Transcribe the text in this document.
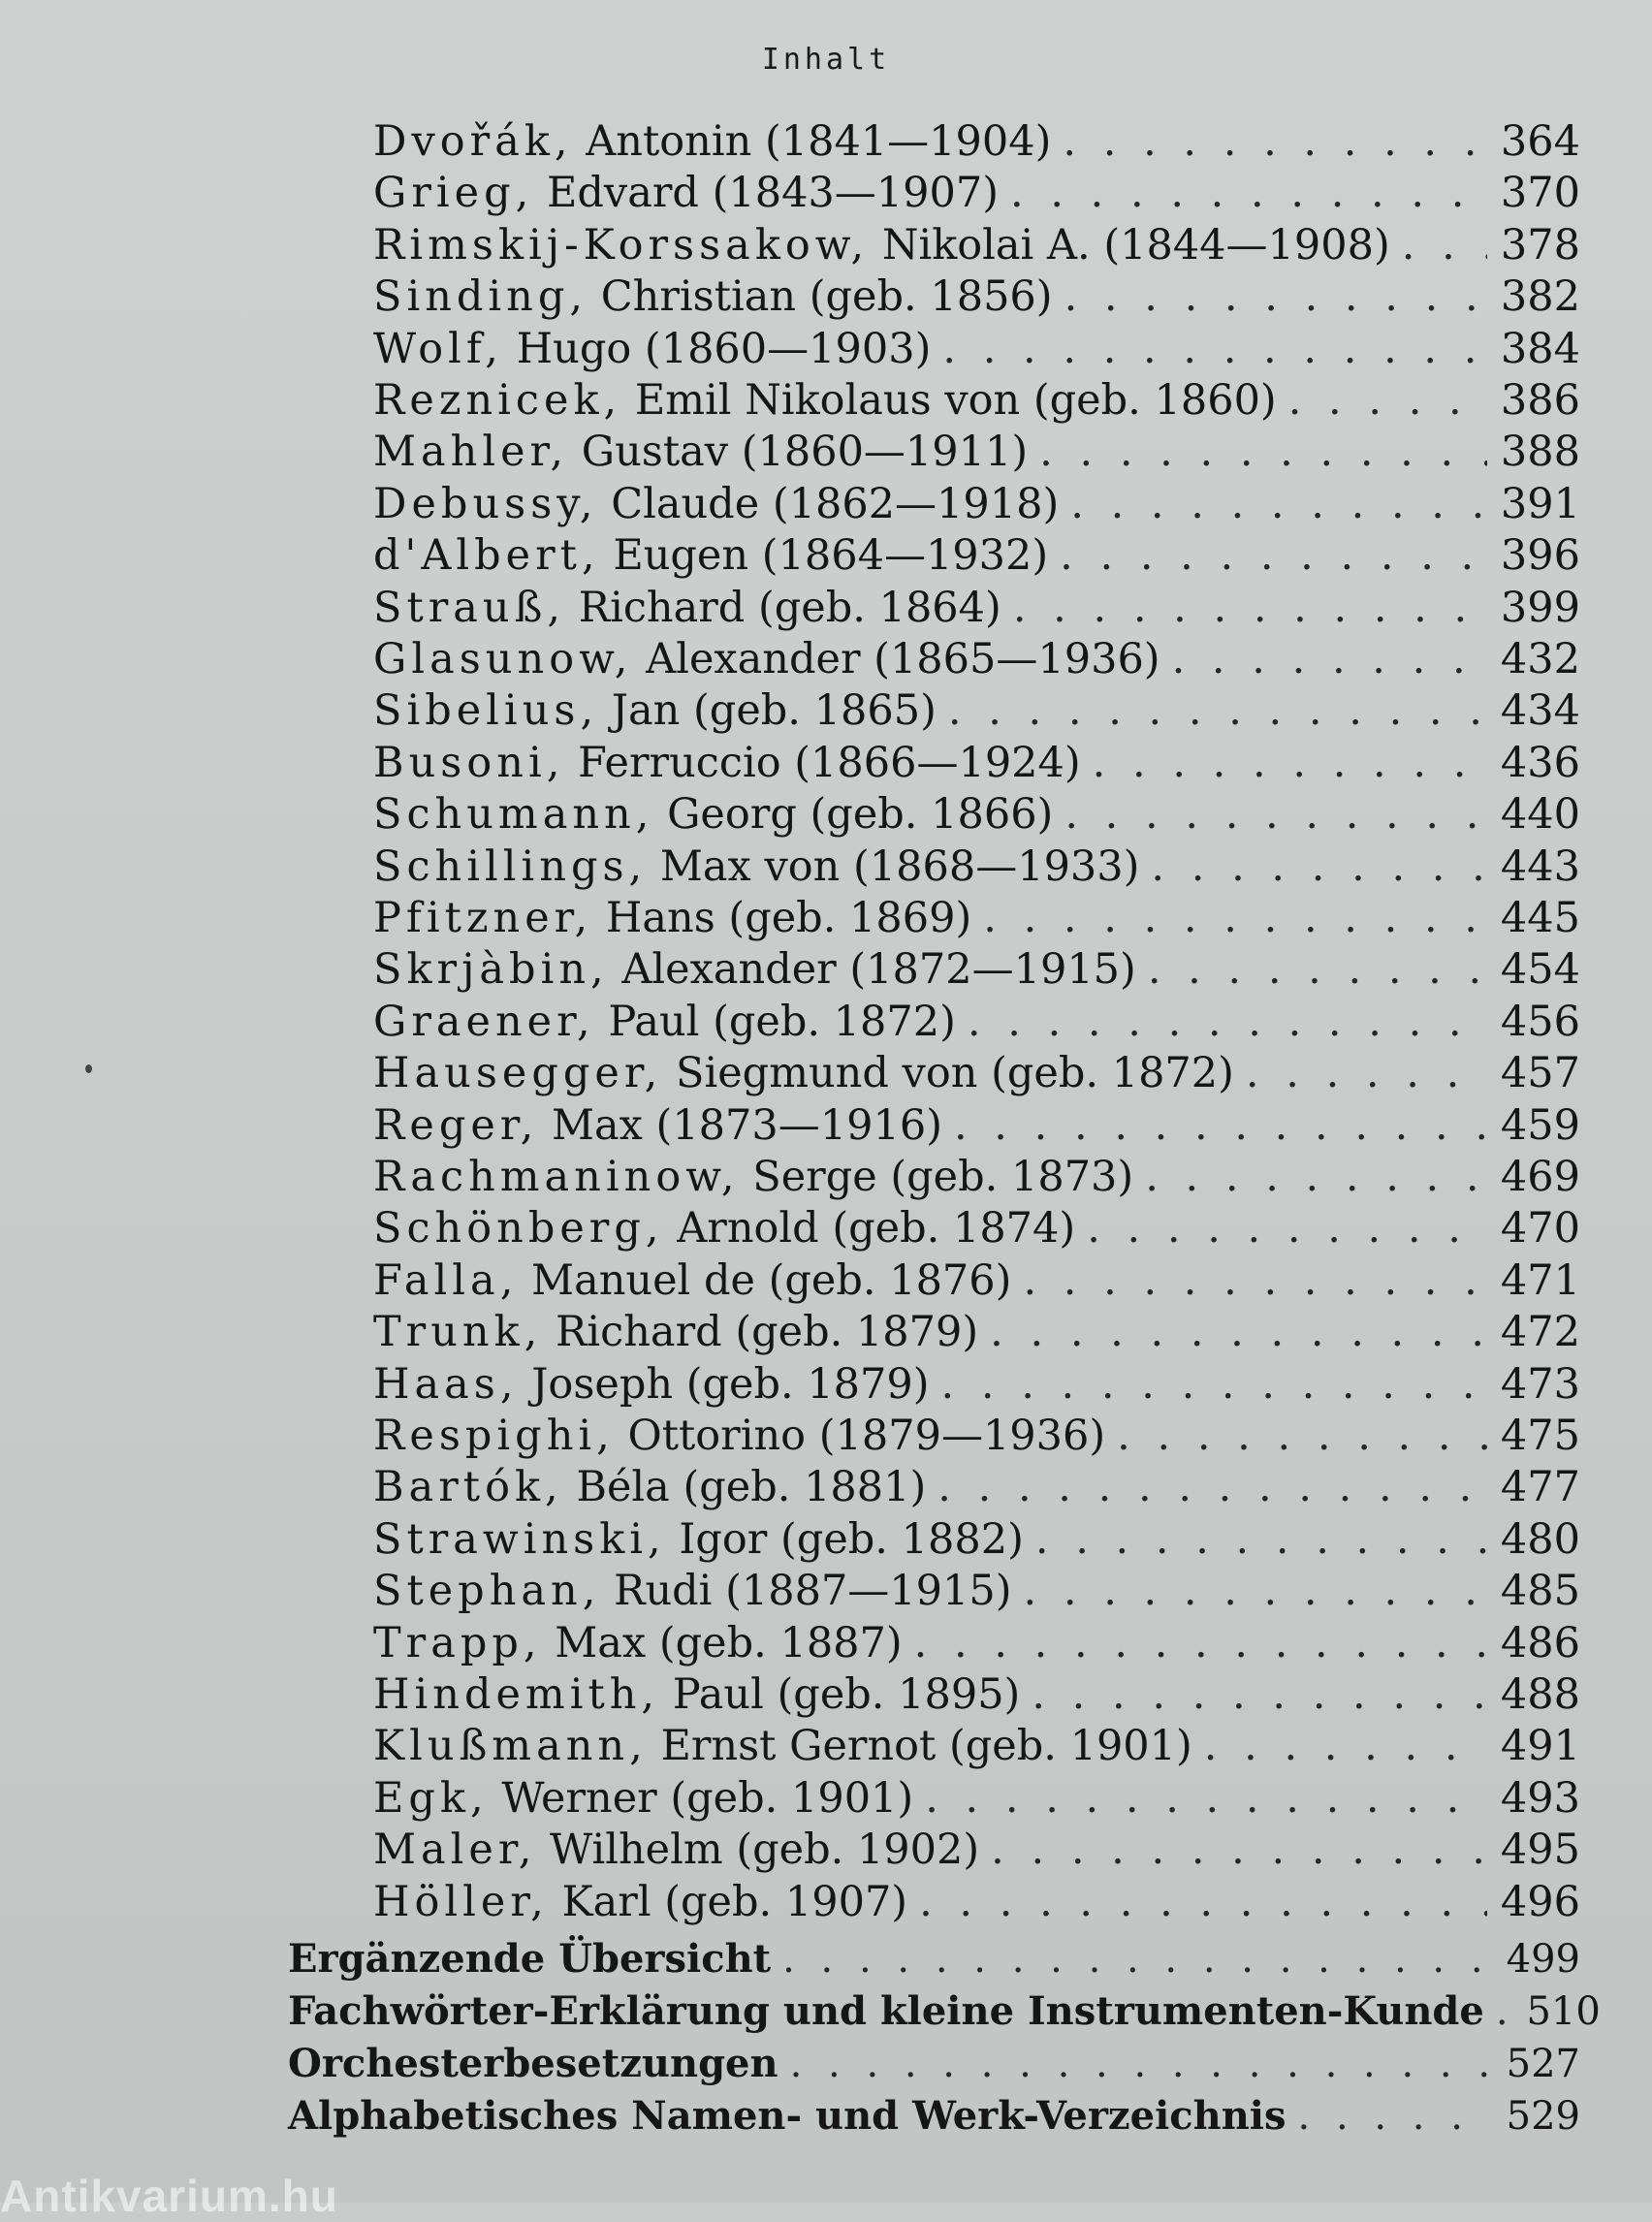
Inhalt
Dvořák, Antonin (1841—1904) . . .	364
Grieg, Edvard (1843—1907) . . .	370
Rimskij-Korssakow, Nikolai A. (1844—1908) . . .	378
Sinding, Christian (geb. 1856) . . .	382
Wolf, Hugo (1860—1903) . . .	384
Reznicek, Emil Nikolaus von (geb. 1860) . . .	386
Mahler, Gustav (1860—1911) . . .	388
Debussy, Claude (1862—1918) . . .	391
d'Albert, Eugen (1864—1932) . . .	396
Strauß, Richard (geb. 1864) . . .	399
Glasunow, Alexander (1865—1936) . . .	432
Sibelius, Jan (geb. 1865) . . .	434
Busoni, Ferruccio (1866—1924) . . .	436
Schumann, Georg (geb. 1866) . . .	440
Schillings, Max von (1868—1933) . . .	443
Pfitzner, Hans (geb. 1869) . . .	445
Skrjàbin, Alexander (1872—1915) . . .	454
Graener, Paul (geb. 1872) . . .	456
Hausegger, Siegmund von (geb. 1872) . . .	457
Reger, Max (1873—1916) . . .	459
Rachmaninow, Serge (geb. 1873) . . .	469
Schönberg, Arnold (geb. 1874) . . .	470
Falla, Manuel de (geb. 1876) . . .	471
Trunk, Richard (geb. 1879) . . .	472
Haas, Joseph (geb. 1879) . . .	473
Respighi, Ottorino (1879—1936) . . .	475
Bartók, Béla (geb. 1881) . . .	477
Strawinski, Igor (geb. 1882) . . .	480
Stephan, Rudi (1887—1915) . . .	485
Trapp, Max (geb. 1887) . . .	486
Hindemith, Paul (geb. 1895) . . .	488
Klußmann, Ernst Gernot (geb. 1901) . . .	491
Egk, Werner (geb. 1901) . . .	493
Maler, Wilhelm (geb. 1902) . . .	495
Höller, Karl (geb. 1907) . . .	496
Ergänzende Übersicht . . .	499
Fachwörter-Erklärung und kleine Instrumenten-Kunde . . .	510
Orchesterbesetzungen . . .	527
Alphabetisches Namen- und Werk-Verzeichnis . . .	529
Antikvarium.hu
